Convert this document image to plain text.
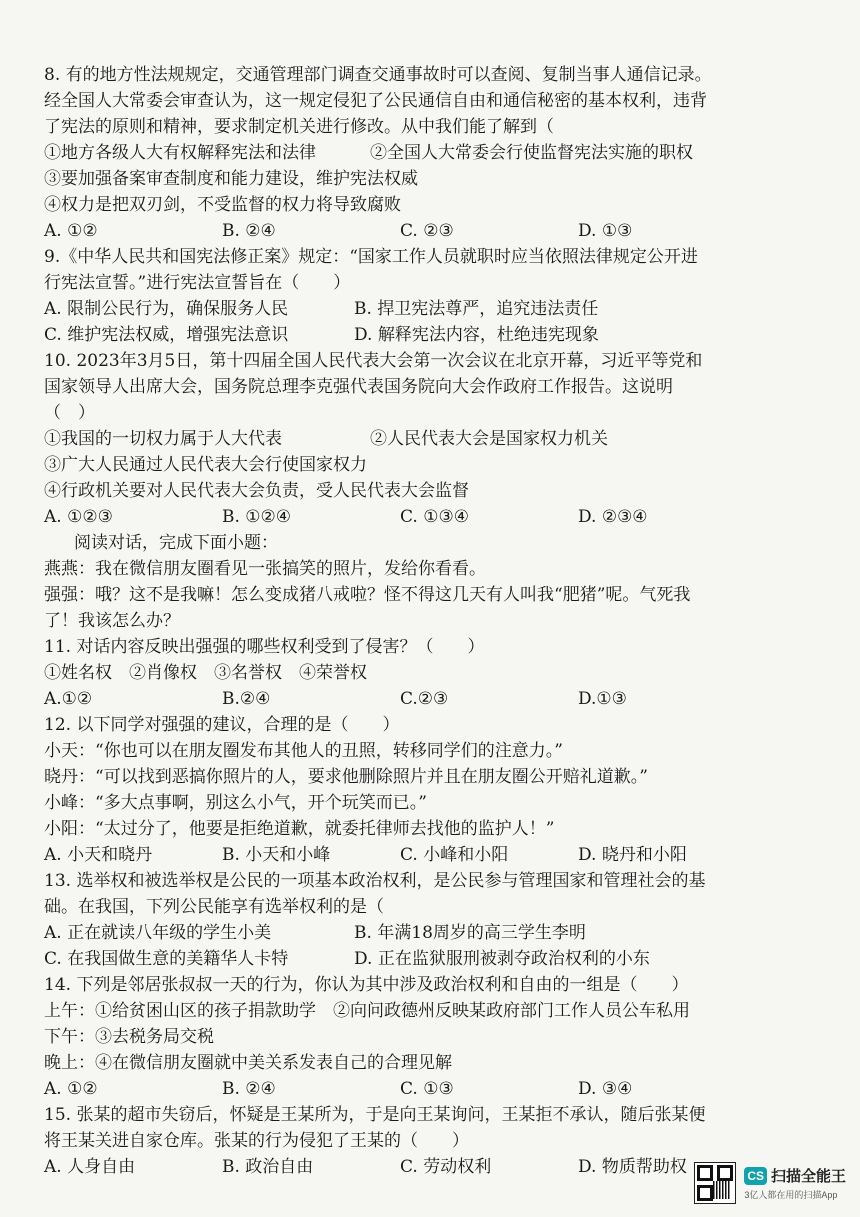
8. 有的地方性法规规定，交通管理部门调查交通事故时可以查阅、复制当事人通信记录。
经全国人大常委会审查认为，这一规定侵犯了公民通信自由和通信秘密的基本权利，违背
了宪法的原则和精神，要求制定机关进行修改。从中我们能了解到（
①地方各级人大有权解释宪法和法律	②全国人大常委会行使监督宪法实施的职权
③要加强备案审查制度和能力建设，维护宪法权威
④权力是把双刃剑，不受监督的权力将导致腐败
A. ①②	B. ②④	C. ②③	D. ①③
9.《中华人民共和国宪法修正案》规定：“国家工作人员就职时应当依照法律规定公开进
行宪法宣誓。”进行宪法宣誓旨在（　　）
A. 限制公民行为，确保服务人民	B. 捍卫宪法尊严，追究违法责任
C. 维护宪法权威，增强宪法意识	D. 解释宪法内容，杜绝违宪现象
10. 2023年3月5日，第十四届全国人民代表大会第一次会议在北京开幕，习近平等党和
国家领导人出席大会，国务院总理李克强代表国务院向大会作政府工作报告。这说明
（　）
①我国的一切权力属于人大代表	②人民代表大会是国家权力机关
③广大人民通过人民代表大会行使国家权力
④行政机关要对人民代表大会负责，受人民代表大会监督
A. ①②③	B. ①②④	C. ①③④	D. ②③④
阅读对话，完成下面小题：
燕燕：我在微信朋友圈看见一张搞笑的照片，发给你看看。
强强：哦？这不是我嘛！怎么变成猪八戒啦？怪不得这几天有人叫我“肥猪”呢。气死我
了！我该怎么办？
11. 对话内容反映出强强的哪些权利受到了侵害？（　　）
①姓名权　②肖像权　③名誉权　④荣誉权
A.①②	B.②④	C.②③	D.①③
12. 以下同学对强强的建议，合理的是（　　）
小天：“你也可以在朋友圈发布其他人的丑照，转移同学们的注意力。”
晓丹：“可以找到恶搞你照片的人，要求他删除照片并且在朋友圈公开赔礼道歉。”
小峰：“多大点事啊，别这么小气，开个玩笑而已。”
小阳：“太过分了，他要是拒绝道歉，就委托律师去找他的监护人！”
A. 小天和晓丹	B. 小天和小峰	C. 小峰和小阳	D. 晓丹和小阳
13. 选举权和被选举权是公民的一项基本政治权利，是公民参与管理国家和管理社会的基
础。在我国，下列公民能享有选举权利的是（
A. 正在就读八年级的学生小美	B. 年满18周岁的高三学生李明
C. 在我国做生意的美籍华人卡特	D. 正在监狱服刑被剥夺政治权利的小东
14. 下列是邻居张叔叔一天的行为，你认为其中涉及政治权利和自由的一组是（　　）
上午：①给贫困山区的孩子捐款助学　②向问政德州反映某政府部门工作人员公车私用
下午：③去税务局交税
晚上：④在微信朋友圈就中美关系发表自己的合理见解
A. ①②	B. ②④	C. ①③	D. ③④
15. 张某的超市失窃后，怀疑是王某所为，于是向王某询问，王某拒不承认，随后张某便
将王某关进自家仓库。张某的行为侵犯了王某的（　　）
A. 人身自由	B. 政治自由	C. 劳动权利	D. 物质帮助权	CS 扫描全能王
3亿人都在用的扫描App
